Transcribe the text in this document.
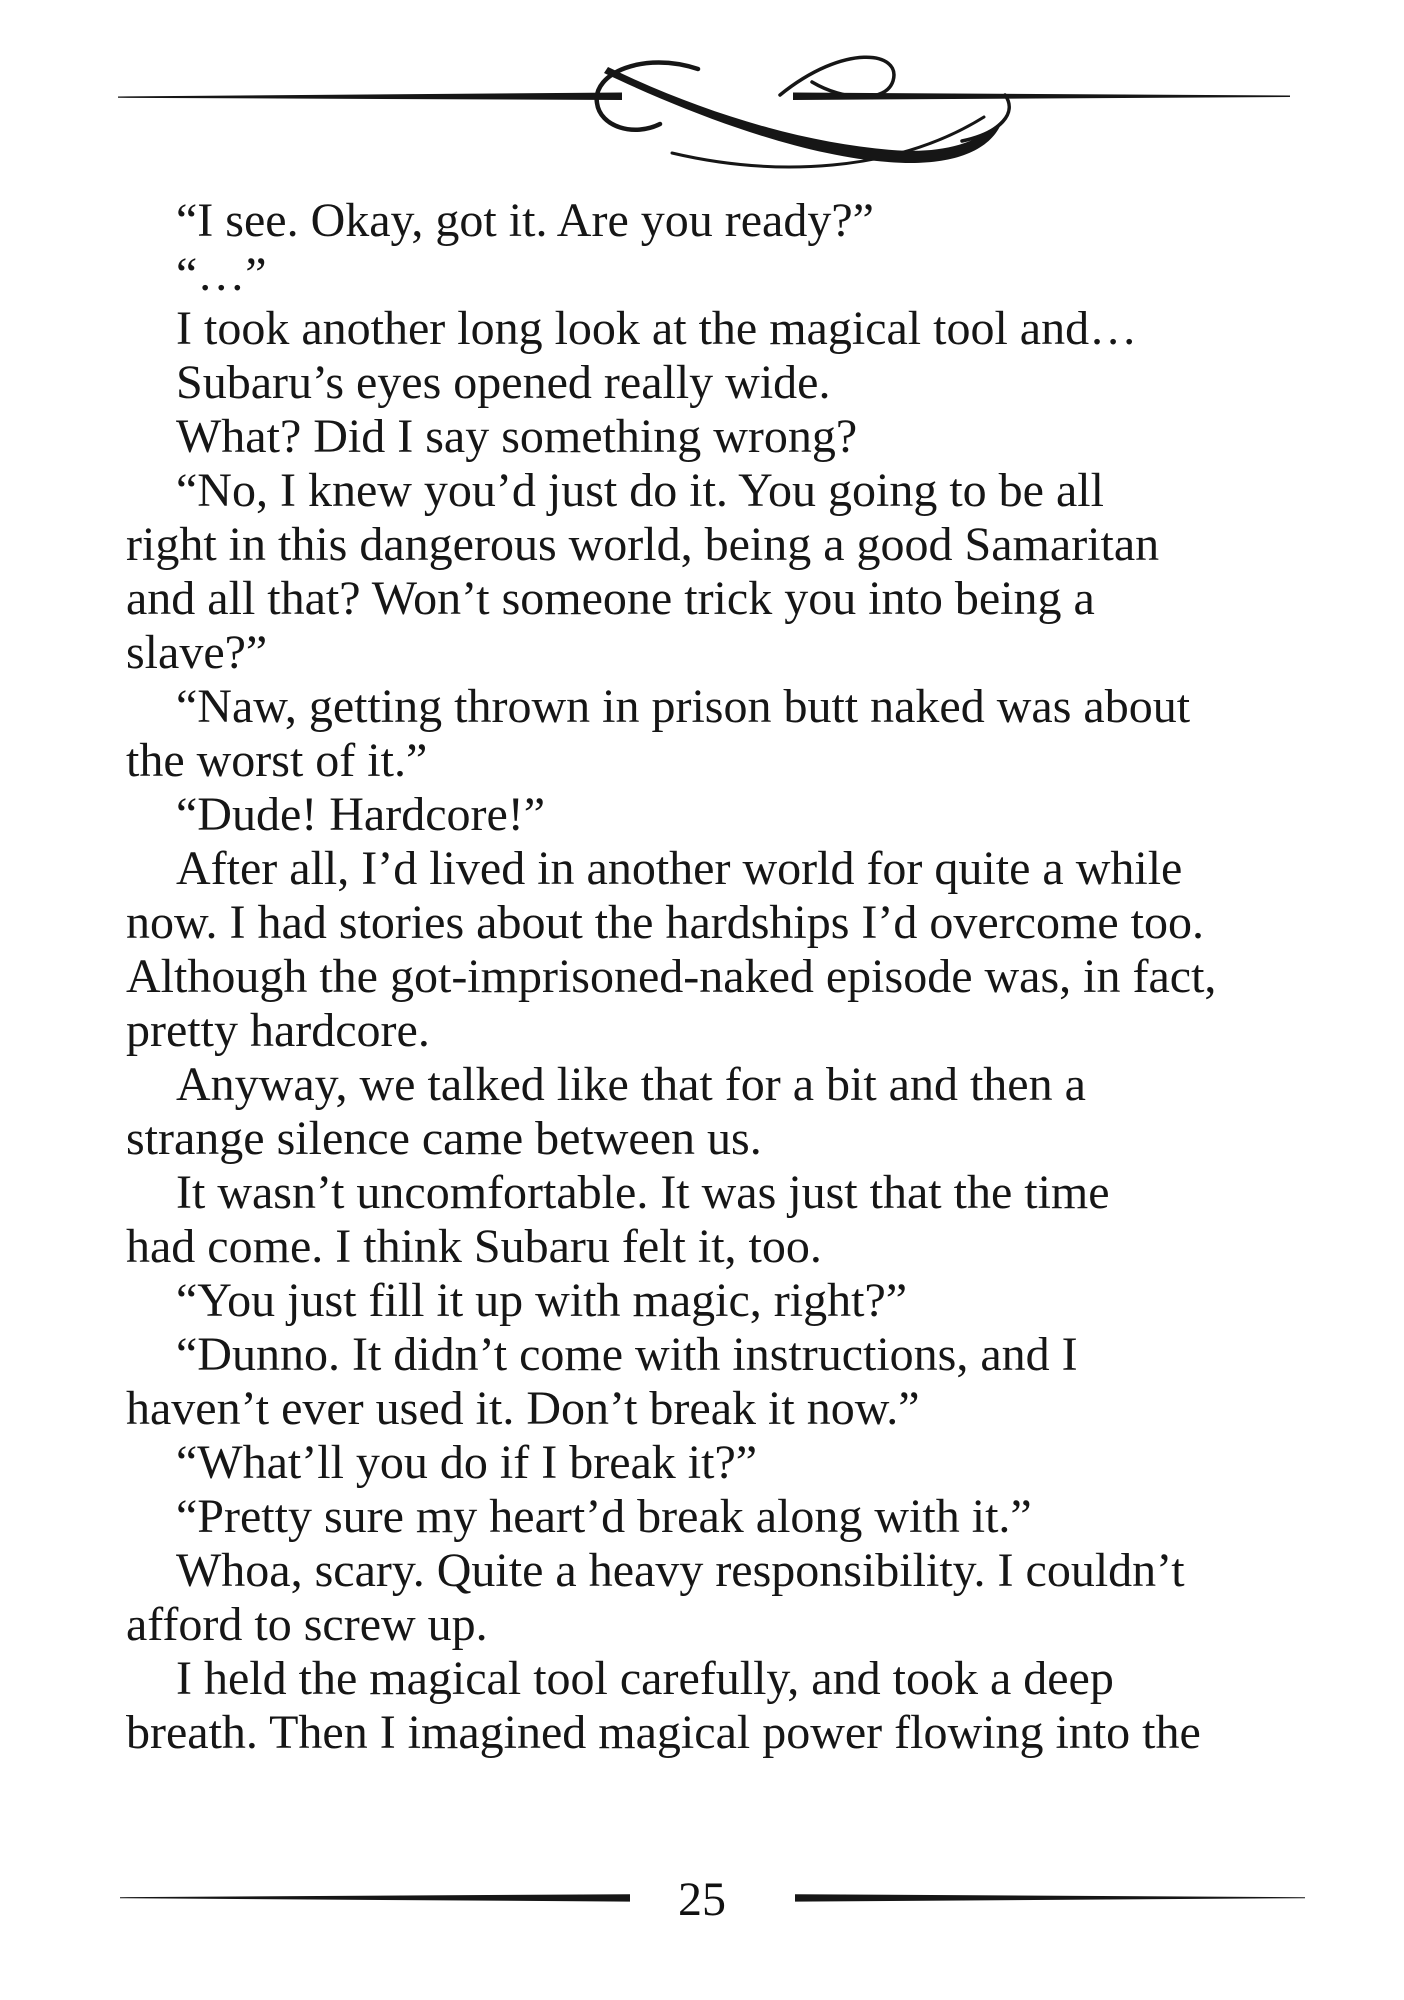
“I see. Okay, got it. Are you ready?”
“…”
I took another long look at the magical tool and…
Subaru’s eyes opened really wide.
What? Did I say something wrong?
“No, I knew you’d just do it. You going to be all
right in this dangerous world, being a good Samaritan
and all that? Won’t someone trick you into being a
slave?”
“Naw, getting thrown in prison butt naked was about
the worst of it.”
“Dude! Hardcore!”
After all, I’d lived in another world for quite a while
now. I had stories about the hardships I’d overcome too.
Although the got-imprisoned-naked episode was, in fact,
pretty hardcore.
Anyway, we talked like that for a bit and then a
strange silence came between us.
It wasn’t uncomfortable. It was just that the time
had come. I think Subaru felt it, too.
“You just fill it up with magic, right?”
“Dunno. It didn’t come with instructions, and I
haven’t ever used it. Don’t break it now.”
“What’ll you do if I break it?”
“Pretty sure my heart’d break along with it.”
Whoa, scary. Quite a heavy responsibility. I couldn’t
afford to screw up.
I held the magical tool carefully, and took a deep
breath. Then I imagined magical power flowing into the
25
